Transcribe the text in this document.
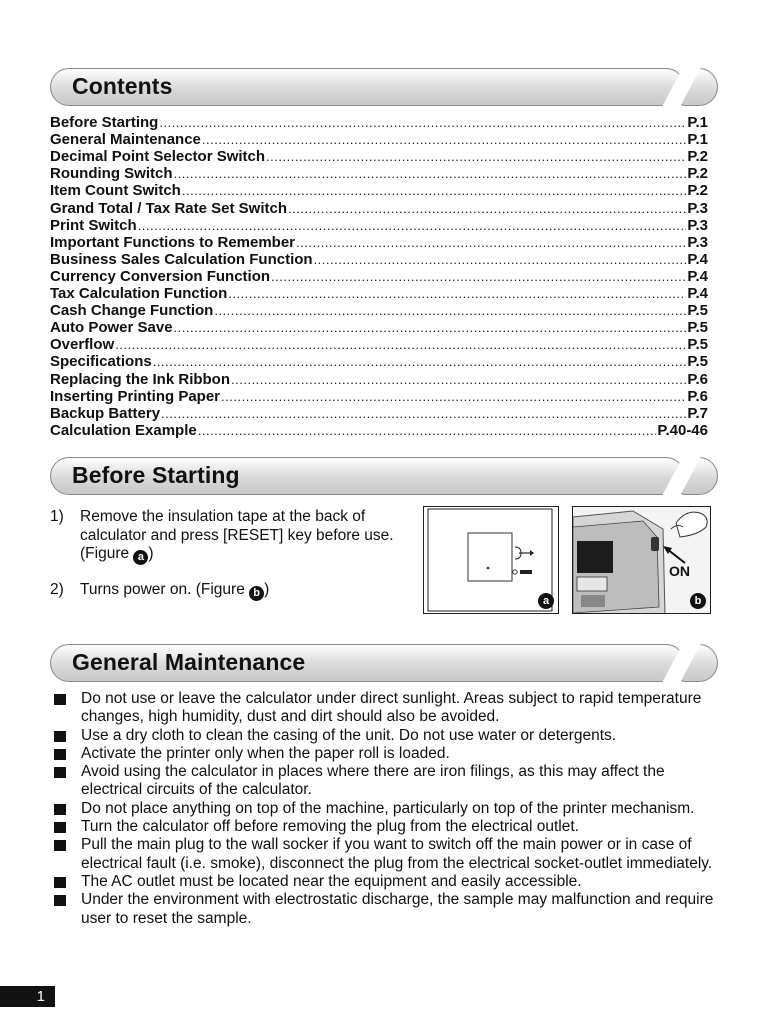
Contents
Before Starting .....	P.1
General Maintenance .....	P.1
Decimal Point Selector Switch .....	P.2
Rounding Switch .....	P.2
Item Count Switch .....	P.2
Grand Total / Tax Rate Set Switch .....	P.3
Print Switch .....	P.3
Important Functions to Remember .....	P.3
Business Sales Calculation Function .....	P.4
Currency Conversion Function .....	P.4
Tax Calculation Function .....	P.4
Cash Change Function .....	P.5
Auto Power Save .....	P.5
Overflow .....	P.5
Specifications .....	P.5
Replacing the Ink Ribbon .....	P.6
Inserting Printing Paper .....	P.6
Backup Battery .....	P.7
Calculation Example .....	P.40-46
Before Starting
1) Remove the insulation tape at the back of calculator and press [RESET] key before use. (Figure a )
2) Turns power on. (Figure b )
a
ON
b
General Maintenance
Do not use or leave the calculator under direct sunlight. Areas subject to rapid temperature changes, high humidity, dust and dirt should also be avoided.
Use a dry cloth to clean the casing of the unit. Do not use water or detergents.
Activate the printer only when the paper roll is loaded.
Avoid using the calculator in places where there are iron filings, as this may affect the electrical circuits of the calculator.
Do not place anything on top of the machine, particularly on top of the printer mechanism.
Turn the calculator off before removing the plug from the electrical outlet.
Pull the main plug to the wall socker if you want to switch off the main power or in case of electrical fault (i.e. smoke), disconnect the plug from the electrical socket-outlet immediately.
The AC outlet must be located near the equipment and easily accessible.
Under the environment with electrostatic discharge, the sample may malfunction and require user to reset the sample.
1
